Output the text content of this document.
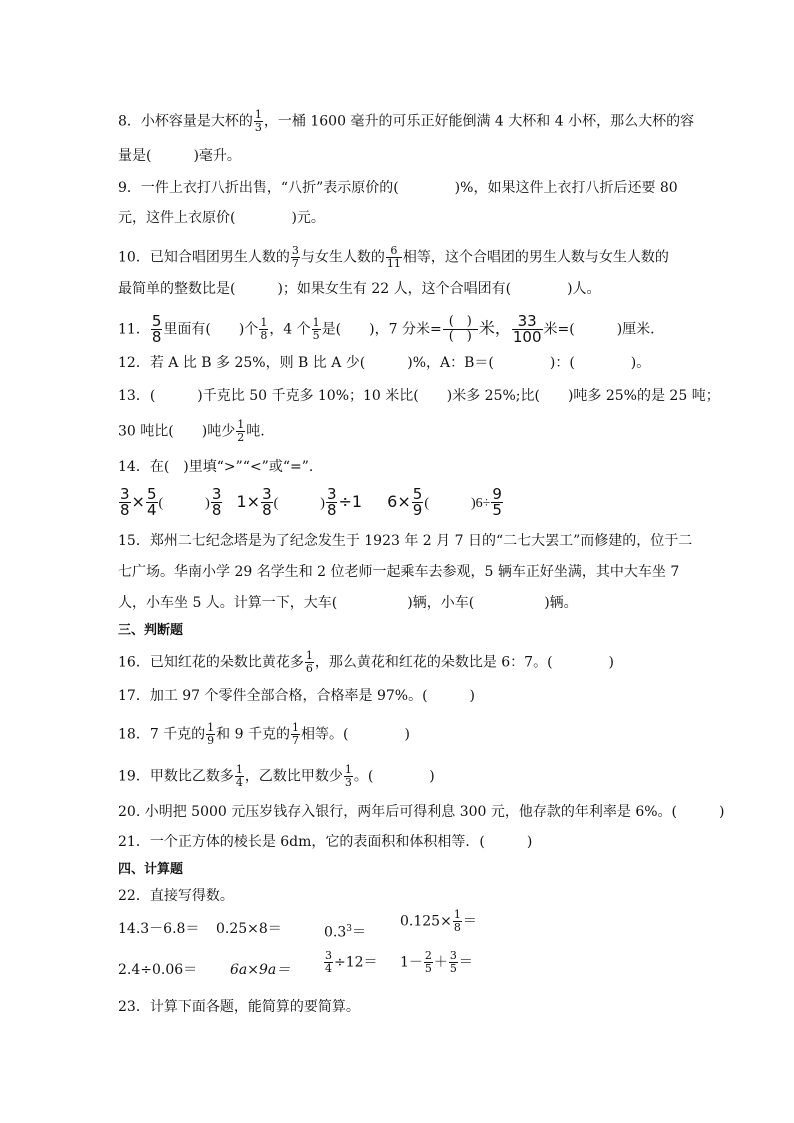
8．小杯容量是大杯的 $\frac{1}{3}$ ，一桶 1600 毫升的可乐正好能倒满 4 大杯和 4 小杯，那么大杯的容
量是(　　　)毫升。
9．一件上衣打八折出售，“八折”表示原价的(　　　　)%，如果这件上衣打八折后还要 80
元，这件上衣原价(　　　　)元。
10．已知合唱团男生人数的 $\frac{3}{7}$ 与女生人数的 $\frac{6}{11}$ 相等，这个合唱团的男生人数与女生人数的
最简单的整数比是(　　　)；如果女生有 22 人，这个合唱团有(　　　　)人。
11． $\frac{5}{8}$ 里面有(　　)个 $\frac{1}{8}$ ，4 个 $\frac{1}{5}$ 是(　　)，7 分米= (　)
(　) 米， $\frac{33}{100}$ 米=(　　　)厘米．
12．若 A 比 B 多 25%，则 B 比 A 少(　　　)%，A：B＝(　　　　)：(　　　　)。
13．(　　　)千克比 50 千克多 10%；10 米比(　　)米多 25%;比(　　)吨多 25%的是 25 吨；
30 吨比(　　)吨少 $\frac{1}{2}$ 吨.
14．在(　)里填“>”“<”或“=”.
$\frac{3}{8} \times \frac{5}{4}$ (　　　) $\frac{3}{8} 1\times \frac{3}{8}$ (　　　) $\frac{3}{8} \div 1$ $6\times \frac{5}{9}$ (　　　)$6\div \frac{9}{5}$
15．郑州二七纪念塔是为了纪念发生于 1923 年 2 月 7 日的“二七大罢工”而修建的，位于二
七广场。华南小学 29 名学生和 2 位老师一起乘车去参观，5 辆车正好坐满，其中大车坐 7
人，小车坐 5 人。计算一下，大车(　　　　　)辆，小车(　　　　　)辆。
三、判断题
16．已知红花的朵数比黄花多 $\frac{1}{6}$ ，那么黄花和红花的朵数比是 6：7。(　　　　)
17．加工 97 个零件全部合格，合格率是 97%。(　　　)
18．7 千克的 $\frac{1}{9}$ 和 9 千克的 $\frac{1}{7}$ 相等。(　　　　)
19．甲数比乙数多 $\frac{1}{4}$ ，乙数比甲数少 $\frac{1}{3}$ 。(　　　　)
20. 小明把 5000 元压岁钱存入银行，两年后可得利息 300 元，他存款的年利率是 6%。(　　　)
21．一个正方体的棱长是 6dm，它的表面积和体积相等．(　　　)
四、计算题
22．直接写得数。
14.3－6.8＝ 0.25×8＝	$0.3^3=$
$0.125\times \frac{1}{8}$ ＝
2.4÷0.06＝ 6a×9a＝	$\frac{3}{4} \div 12= 1- \frac{2}{5} + \frac{3}{5}$ ＝
23．计算下面各题，能简算的要简算。
